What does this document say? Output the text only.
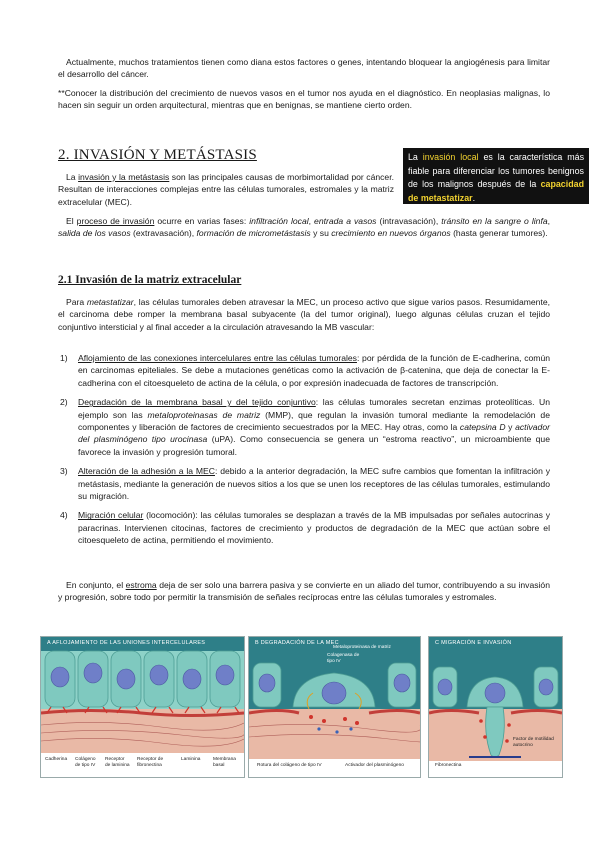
Actualmente, muchos tratamientos tienen como diana estos factores o genes, intentando bloquear la angiogénesis para limitar el desarrollo del cáncer.
**Conocer la distribución del crecimiento de nuevos vasos en el tumor nos ayuda en el diagnóstico. En neoplasias malignas, lo hacen sin seguir un orden arquitectural, mientras que en benignas, se mantiene cierto orden.
2. INVASIÓN Y METÁSTASIS	La invasión local es la característica más fiable para diferenciar los tumores benignos de los malignos después de la capacidad de metastatizar.
La invasión y la metástasis son las principales causas de morbimortalidad por cáncer. Resultan de interacciones complejas entre las células tumorales, estromales y la matriz extracelular (MEC).
El proceso de invasión ocurre en varias fases: infiltración local, entrada a vasos (intravasación), tránsito en la sangre o linfa, salida de los vasos (extravasación), formación de micrometástasis y su crecimiento en nuevos órganos (hasta generar tumores).
2.1 Invasión de la matriz extracelular
Para metastatizar, las células tumorales deben atravesar la MEC, un proceso activo que sigue varios pasos. Resumidamente, el carcinoma debe romper la membrana basal subyacente (la del tumor original), luego algunas células cruzan el tejido conjuntivo intersticial y al final acceder a la circulación atravesando la MB vascular:
1) Aflojamiento de las conexiones intercelulares entre las células tumorales: por pérdida de la función de E-cadherina, común en carcinomas epiteliales. Se debe a mutaciones genéticas como la activación de β-catenina, que deja de conectar la E-cadherina con el citoesqueleto de actina de la célula, o por expresión inadecuada de factores de transcripción.
2) Degradación de la membrana basal y del tejido conjuntivo: las células tumorales secretan enzimas proteolíticas. Un ejemplo son las metaloproteinasas de matriz (MMP), que regulan la invasión tumoral mediante la remodelación de componentes y liberación de factores de crecimiento secuestrados por la MEC. Hay otras, como la catepsina D y activador del plasminógeno tipo urocinasa (uPA). Como consecuencia se genera un “estroma reactivo”, un microambiente que favorece la invasión y progresión tumoral.
3) Alteración de la adhesión a la MEC: debido a la anterior degradación, la MEC sufre cambios que fomentan la infiltración y metástasis, mediante la generación de nuevos sitios a los que se unen los receptores de las células tumorales, estimulando su migración.
4) Migración celular (locomoción): las células tumorales se desplazan a través de la MB impulsadas por señales autocrinas y paracrinas. Intervienen citocinas, factores de crecimiento y productos de degradación de la MEC que actúan sobre el citoesqueleto de actina, permitiendo el movimiento.
En conjunto, el estroma deja de ser solo una barrera pasiva y se convierte en un aliado del tumor, contribuyendo a su invasión y progresión, sobre todo por permitir la transmisión de señales recíprocas entre las células tumorales y estromales.
A AFLOJAMIENTO DE LAS UNIONES INTERCELULARES
Cadherina	Colágeno de tipo IV
Receptor de laminina
Receptor de fibronectina
Laminina	Membrana basal
B DEGRADACIÓN DE LA MEC
Metaloproteinasa de matriz
Colagenasa de tipo IV
Rotura del colágeno de tipo IV	Activador del plasminógeno
C MIGRACIÓN E INVASIÓN
Factor de motilidad autocrino
Fibronectina
